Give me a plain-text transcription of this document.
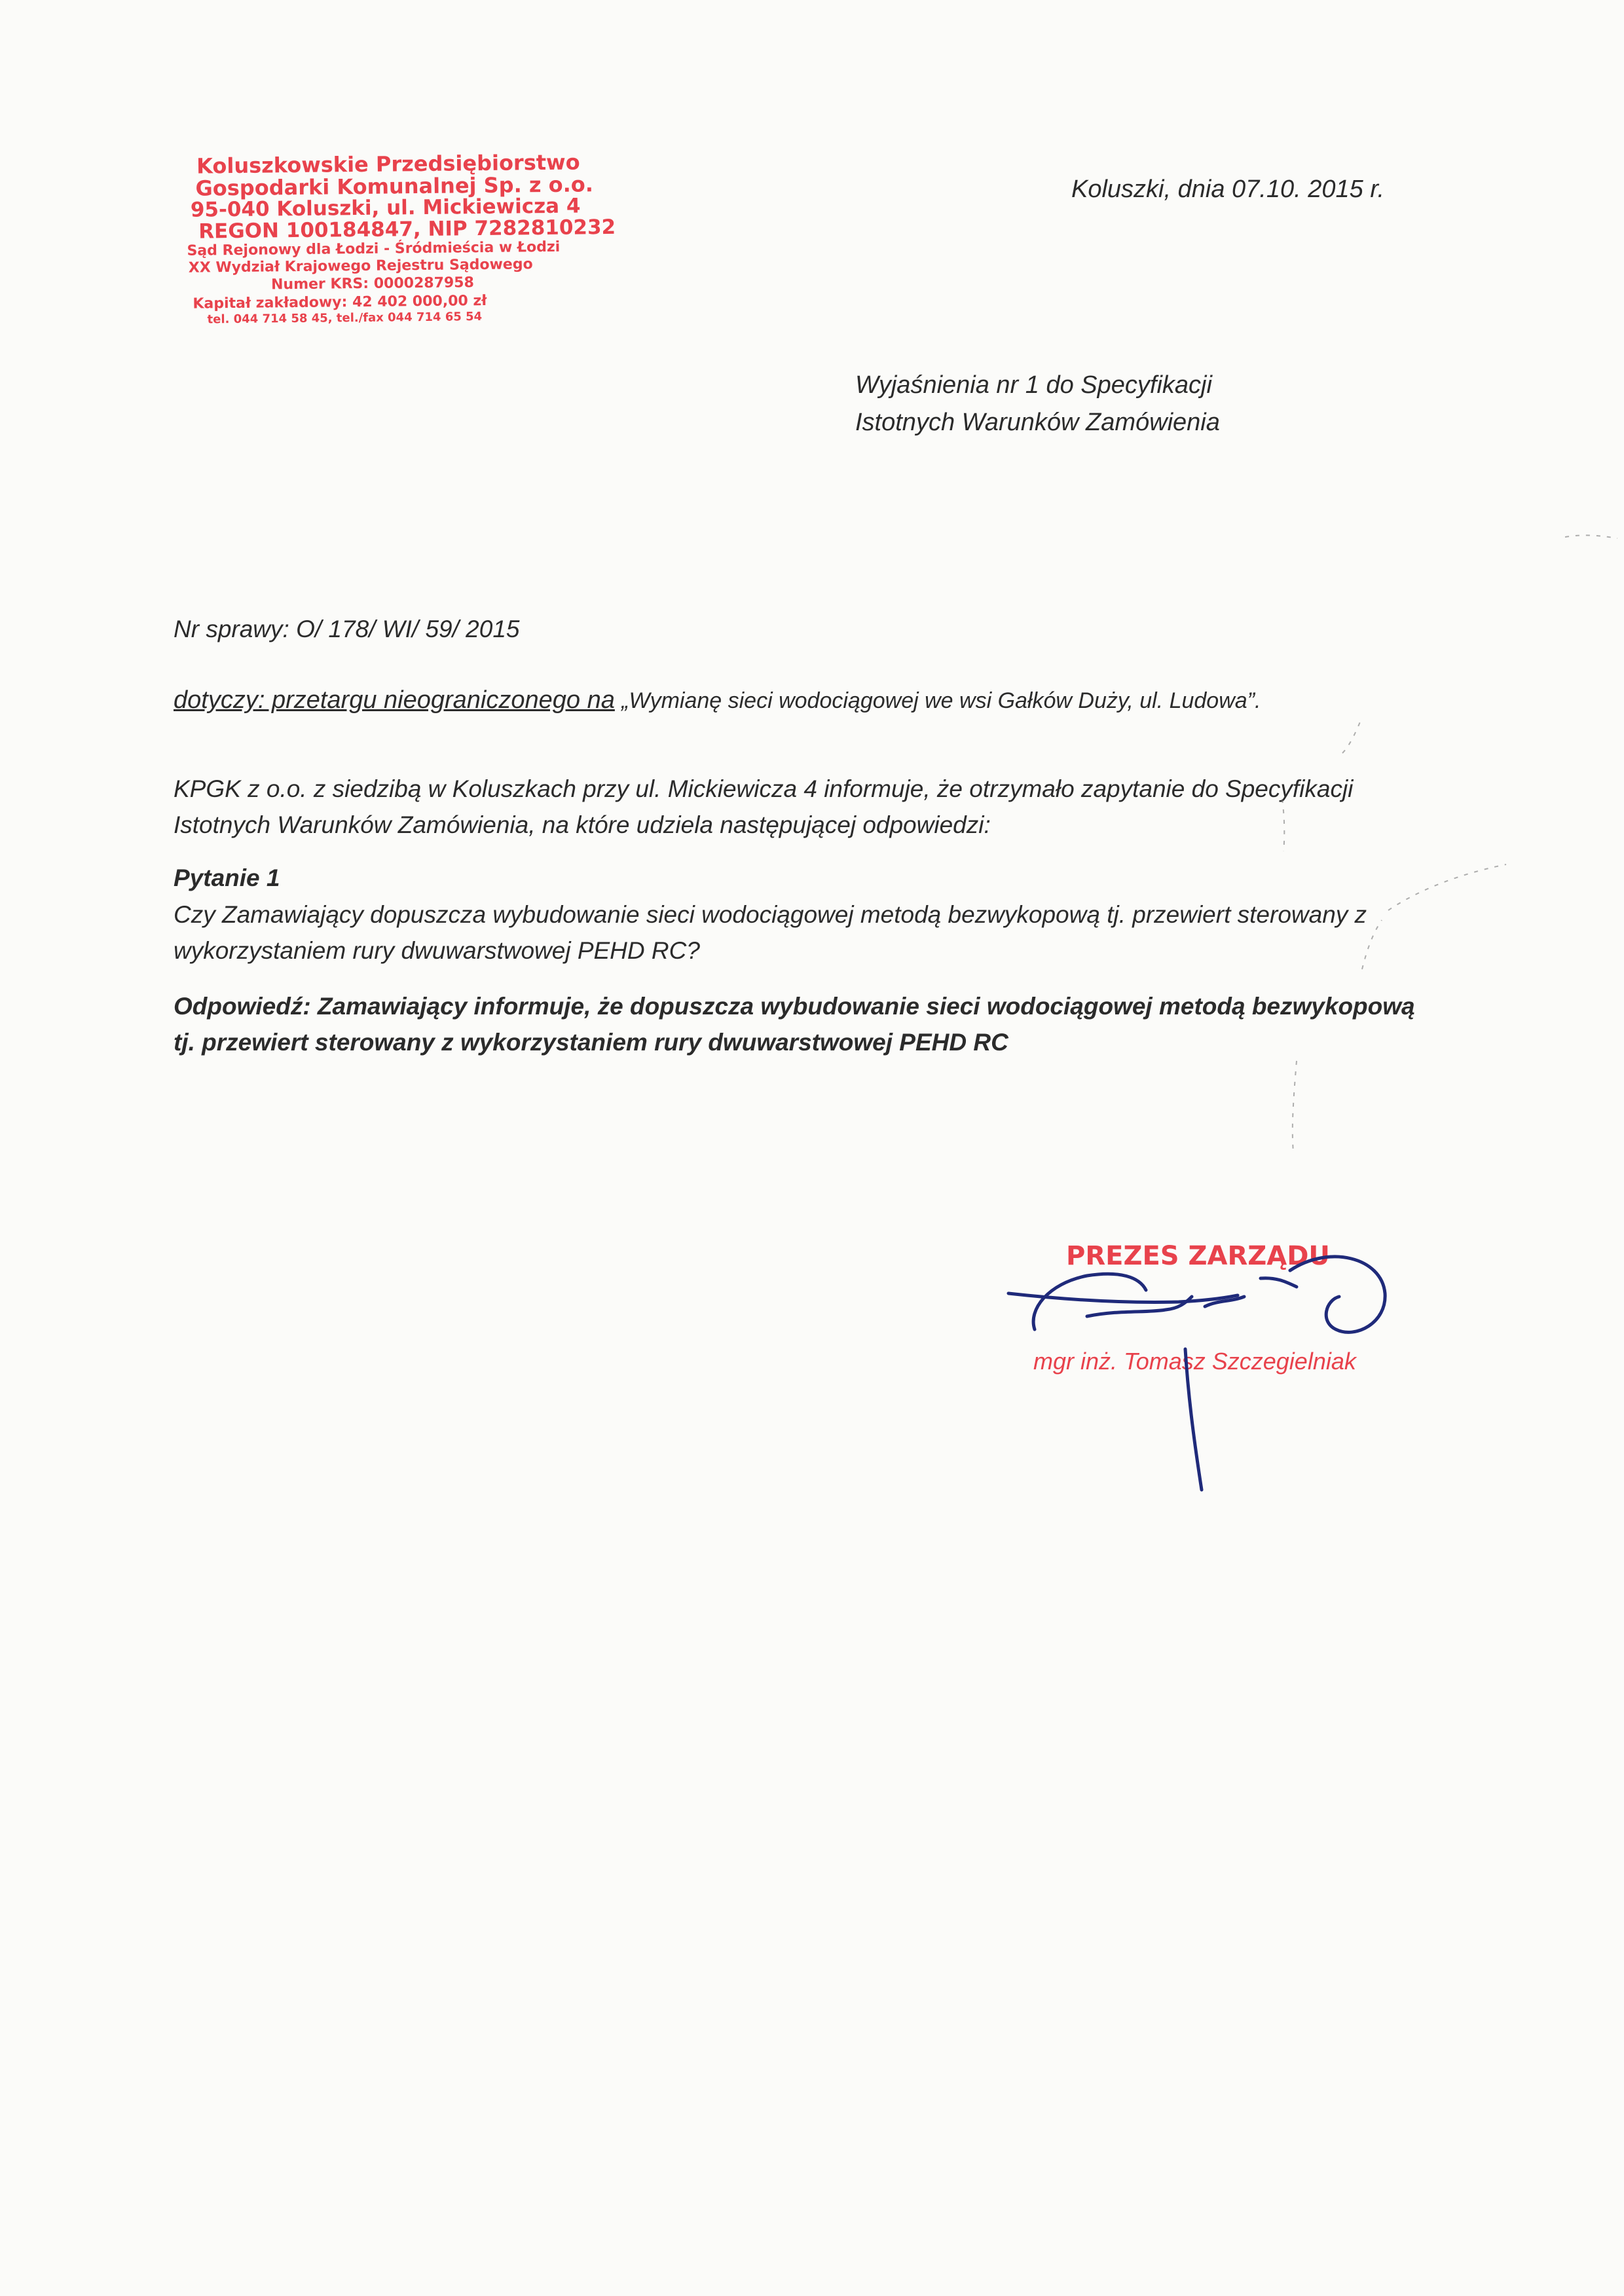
Koluszkowskie Przedsiębiorstwo
Gospodarki Komunalnej Sp. z o.o.
95-040 Koluszki, ul. Mickiewicza 4
REGON 100184847, NIP 7282810232
Sąd Rejonowy dla Łodzi - Śródmieścia w Łodzi
XX Wydział Krajowego Rejestru Sądowego
Numer KRS: 0000287958
Kapitał zakładowy: 42 402 000,00 zł
tel. 044 714 58 45, tel./fax 044 714 65 54
Koluszki, dnia 07.10. 2015 r.
Wyjaśnienia nr 1 do Specyfikacji
Istotnych Warunków Zamówienia
Nr sprawy: O/ 178/ WI/ 59/ 2015
dotyczy: przetargu nieograniczonego na „Wymianę sieci wodociągowej we wsi Gałków Duży, ul. Ludowa”.
KPGK z o.o. z siedzibą w Koluszkach przy ul. Mickiewicza 4 informuje, że otrzymało zapytanie do Specyfikacji Istotnych Warunków Zamówienia, na które udziela następującej odpowiedzi:
Pytanie 1
Czy Zamawiający dopuszcza wybudowanie sieci wodociągowej metodą bezwykopową tj. przewiert sterowany z wykorzystaniem rury dwuwarstwowej PEHD RC?
Odpowiedź: Zamawiający informuje, że dopuszcza wybudowanie sieci wodociągowej metodą bezwykopową tj. przewiert sterowany z wykorzystaniem rury dwuwarstwowej PEHD RC
PREZES ZARZĄDU
mgr inż. Tomasz Szczegielniak
